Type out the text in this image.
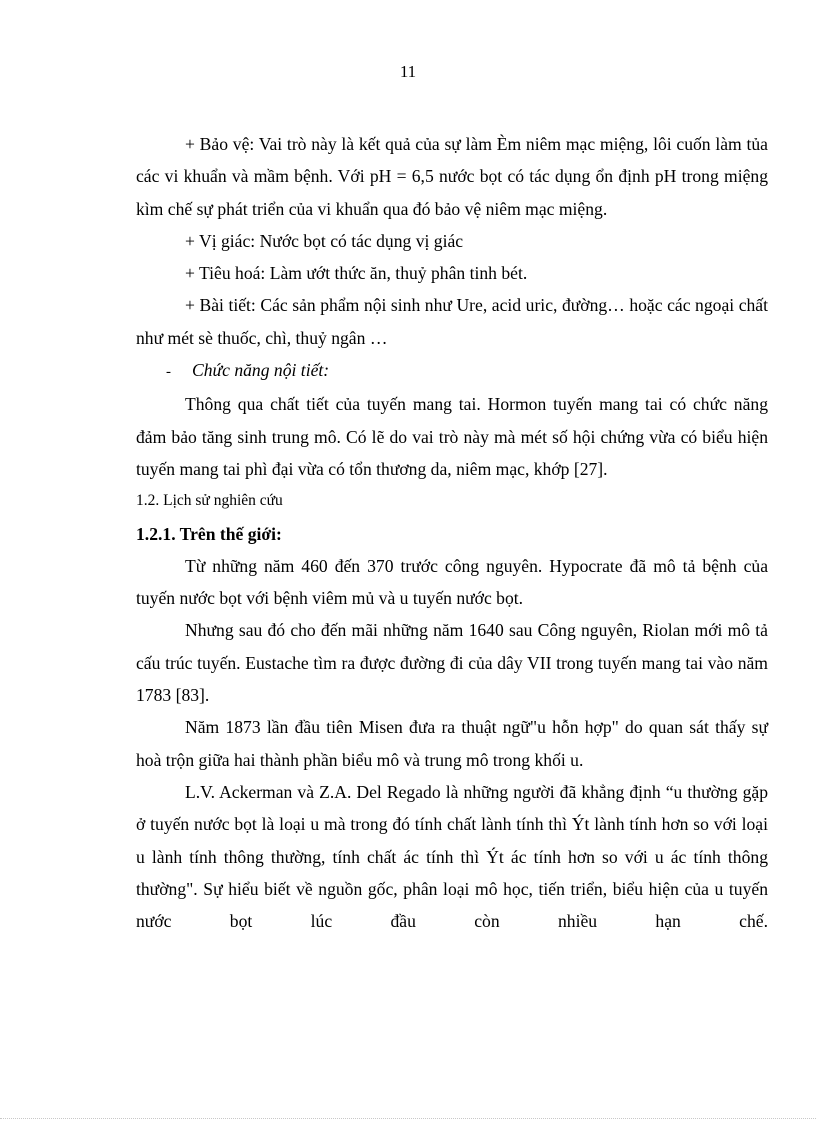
11

+ Bảo vệ: Vai trò này là kết quả của sự làm Èm niêm mạc miệng, lôi cuốn làm tủa các vi khuẩn và mầm bệnh. Với pH = 6,5 nước bọt có tác dụng ổn định pH trong miệng kìm chế sự phát triển của vi khuẩn qua đó bảo vệ niêm mạc miệng.

+ Vị giác: Nước bọt có tác dụng vị giác

+ Tiêu hoá: Làm ướt thức ăn, thuỷ phân tinh bét.

+ Bài tiết: Các sản phẩm nội sinh như Ure, acid uric, đường… hoặc các ngoại chất như mét sè thuốc, chì, thuỷ ngân …

-	Chức năng nội tiết:

Thông qua chất tiết của tuyến mang tai. Hormon tuyến mang tai có chức năng đảm bảo tăng sinh trung mô. Có lẽ do vai trò này mà mét số hội chứng vừa có biểu hiện tuyến mang tai phì đại vừa có tổn thương da, niêm mạc, khớp [27].

1.2. Lịch sử nghiên cứu

1.2.1. Trên thế giới:

Từ những năm 460 đến 370 trước công nguyên. Hypocrate đã mô tả bệnh của tuyến nước bọt với bệnh viêm mủ và u tuyến nước bọt.

Nhưng sau đó cho đến mãi những năm 1640 sau Công nguyên, Riolan mới mô tả cấu trúc tuyến. Eustache tìm ra được đường đi của dây VII trong tuyến mang tai vào năm 1783 [83].

Năm 1873 lần đầu tiên Misen đưa ra thuật ngữ"u hỗn hợp" do quan sát thấy sự hoà trộn giữa hai thành phần biểu mô và trung mô trong khối u.

L.V. Ackerman và Z.A. Del Regado là những người đã khẳng định “u thường gặp ở tuyến nước bọt là loại u mà trong đó tính chất lành tính thì Ýt lành tính hơn so với loại u lành tính thông thường, tính chất ác tính thì Ýt ác tính hơn so với u ác tính thông thường". Sự hiểu biết về nguồn gốc, phân loại mô học, tiến triển, biểu hiện của u tuyến nước bọt lúc đầu còn nhiều hạn chế.
